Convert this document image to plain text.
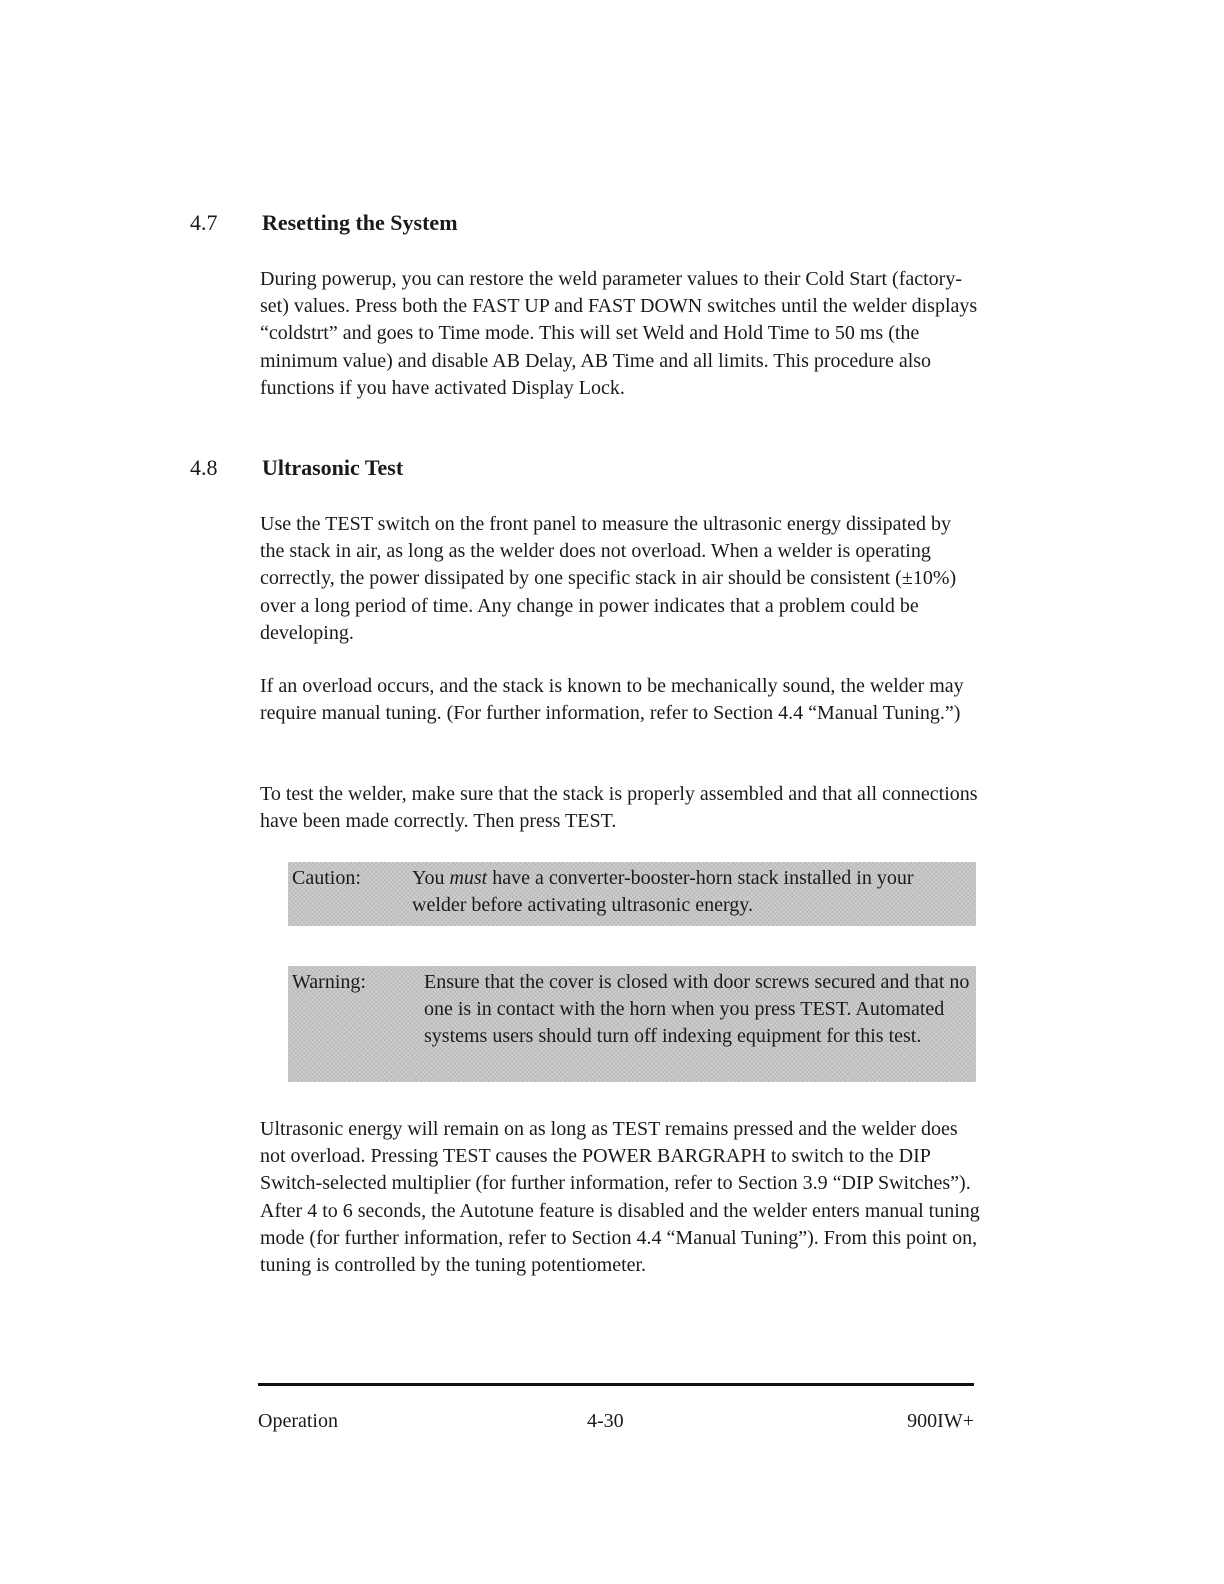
4.7	Resetting the System

During powerup, you can restore the weld parameter values to their Cold Start (factory-set) values. Press both the FAST UP and FAST DOWN switches until the welder displays “coldstrt” and goes to Time mode. This will set Weld and Hold Time to 50 ms (the minimum value) and disable AB Delay, AB Time and all limits. This procedure also functions if you have activated Display Lock.

4.8	Ultrasonic Test

Use the TEST switch on the front panel to measure the ultrasonic energy dissipated by the stack in air, as long as the welder does not overload. When a welder is operating correctly, the power dissipated by one specific stack in air should be consistent (±10%) over a long period of time. Any change in power indicates that a problem could be developing.

If an overload occurs, and the stack is known to be mechanically sound, the welder may require manual tuning. (For further information, refer to Section 4.4 “Manual Tuning.”)

To test the welder, make sure that the stack is properly assembled and that all connections have been made correctly. Then press TEST.

Caution:	You must have a converter-booster-horn stack installed in your welder before activating ultrasonic energy.
Warning:	Ensure that the cover is closed with door screws secured and that no one is in contact with the horn when you press TEST. Automated systems users should turn off indexing equipment for this test.

Ultrasonic energy will remain on as long as TEST remains pressed and the welder does not overload. Pressing TEST causes the POWER BARGRAPH to switch to the DIP Switch-selected multiplier (for further information, refer to Section 3.9 “DIP Switches”). After 4 to 6 seconds, the Autotune feature is disabled and the welder enters manual tuning mode (for further information, refer to Section 4.4 “Manual Tuning”). From this point on, tuning is controlled by the tuning potentiometer.

Operation	4-30	900IW+
